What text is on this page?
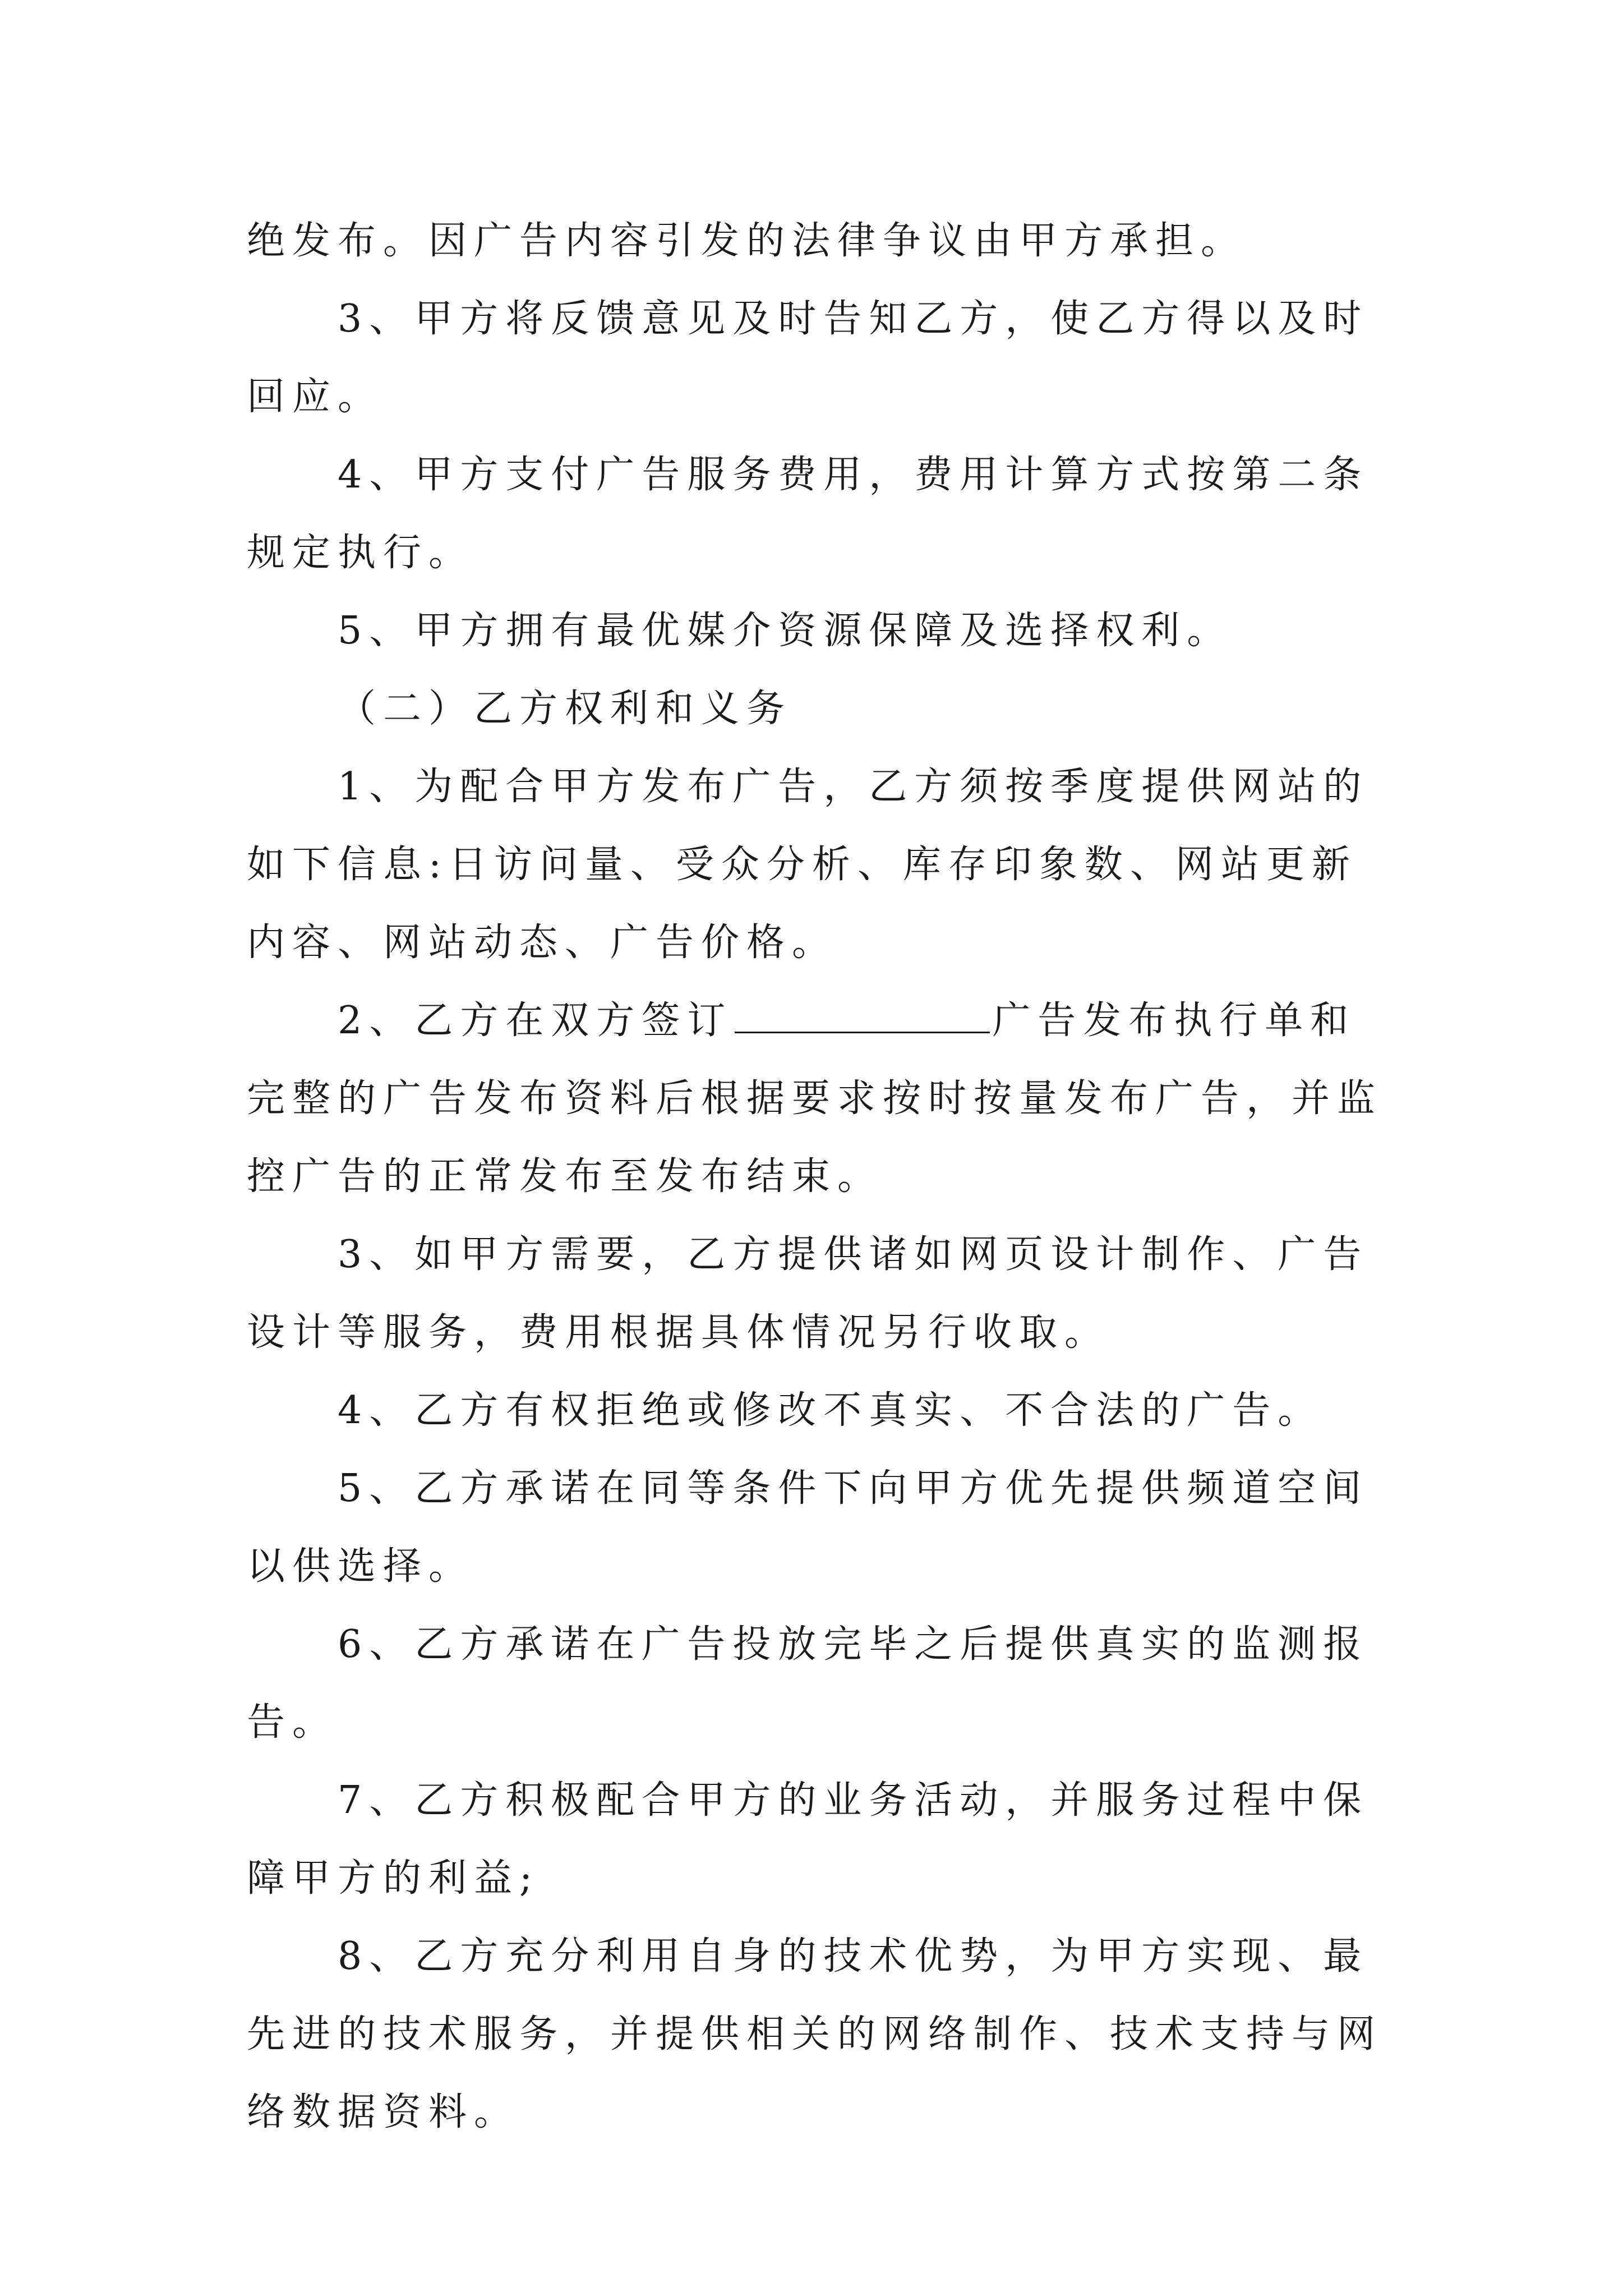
绝发布。因广告内容引发的法律争议由甲方承担。

3、甲方将反馈意见及时告知乙方，使乙方得以及时回应。

4、甲方支付广告服务费用，费用计算方式按第二条规定执行。

5、甲方拥有最优媒介资源保障及选择权利。

（二）乙方权利和义务

1、为配合甲方发布广告，乙方须按季度提供网站的如下信息:日访问量、受众分析、库存印象数、网站更新内容、网站动态、广告价格。

2、乙方在双方签订	广告发布执行单和完整的广告发布资料后根据要求按时按量发布广告，并监控广告的正常发布至发布结束。

3、如甲方需要，乙方提供诸如网页设计制作、广告设计等服务，费用根据具体情况另行收取。

4、乙方有权拒绝或修改不真实、不合法的广告。

5、乙方承诺在同等条件下向甲方优先提供频道空间以供选择。

6、乙方承诺在广告投放完毕之后提供真实的监测报告。

7、乙方积极配合甲方的业务活动，并服务过程中保障甲方的利益;

8、乙方充分利用自身的技术优势，为甲方实现、最先进的技术服务，并提供相关的网络制作、技术支持与网络数据资料。
